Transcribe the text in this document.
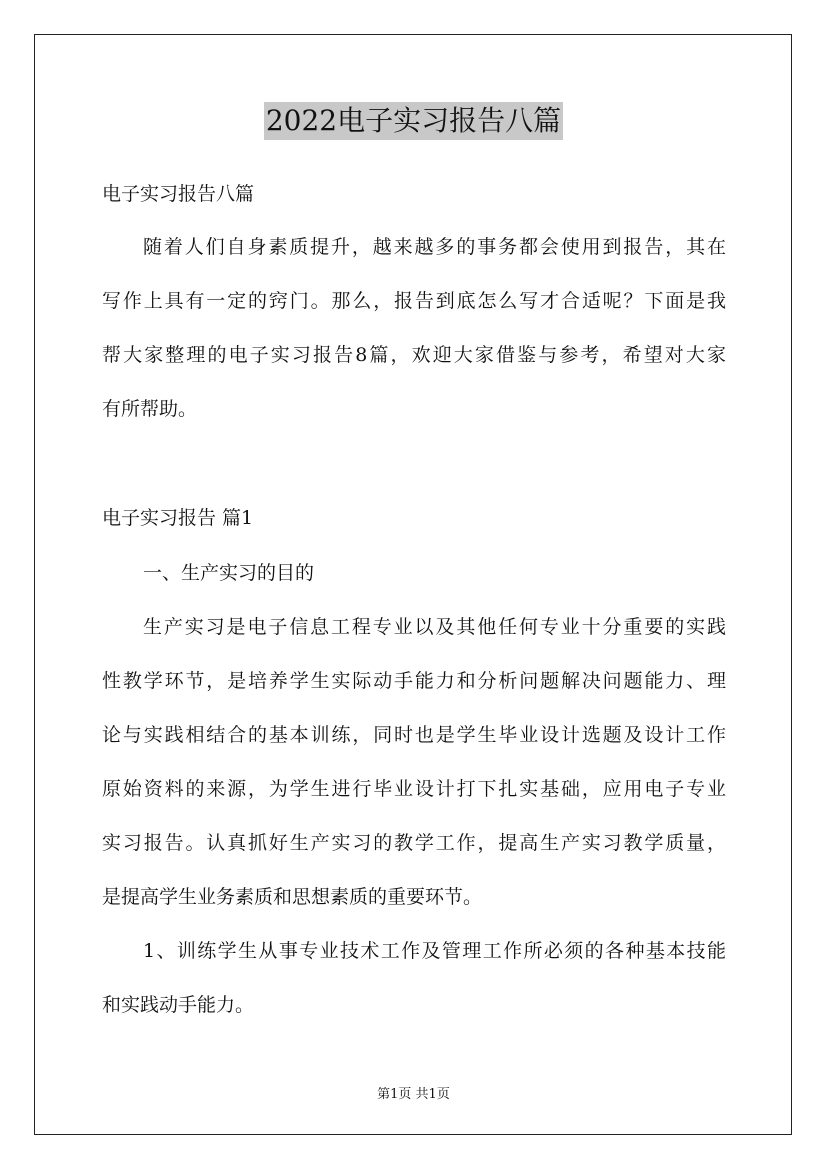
2022电子实习报告八篇
电子实习报告八篇
随着人们自身素质提升，越来越多的事务都会使用到报告，其在
写作上具有一定的窍门。那么，报告到底怎么写才合适呢？下面是我
帮大家整理的电子实习报告8篇，欢迎大家借鉴与参考，希望对大家
有所帮助。
电子实习报告 篇1
一、生产实习的目的
生产实习是电子信息工程专业以及其他任何专业十分重要的实践
性教学环节，是培养学生实际动手能力和分析问题解决问题能力、理
论与实践相结合的基本训练，同时也是学生毕业设计选题及设计工作
原始资料的来源，为学生进行毕业设计打下扎实基础，应用电子专业
实习报告。认真抓好生产实习的教学工作，提高生产实习教学质量，
是提高学生业务素质和思想素质的重要环节。
1、训练学生从事专业技术工作及管理工作所必须的各种基本技能
和实践动手能力。
第1页 共1页
